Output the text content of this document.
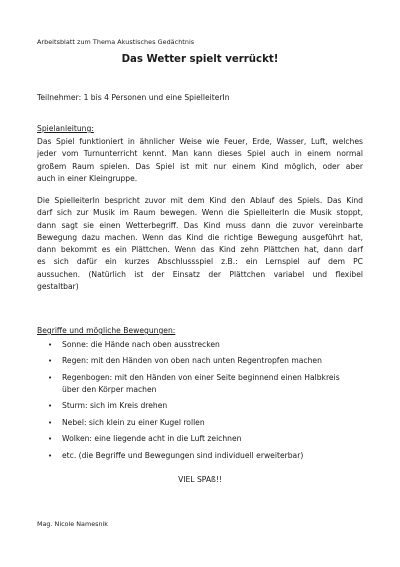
Arbeitsblatt zum Thema Akustisches Gedächtnis
Das Wetter spielt verrückt!
Teilnehmer: 1 bis 4 Personen und eine SpielleiterIn
Spielanleitung:
Das Spiel funktioniert in ähnlicher Weise wie Feuer, Erde, Wasser, Luft, welches
jeder vom Turnunterricht kennt. Man kann dieses Spiel auch in einem normal
großem Raum spielen. Das Spiel ist mit nur einem Kind möglich, oder aber
auch in einer Kleingruppe.
Die SpielleiterIn bespricht zuvor mit dem Kind den Ablauf des Spiels. Das Kind
darf sich zur Musik im Raum bewegen. Wenn die SpielleiterIn die Musik stoppt,
dann sagt sie einen Wetterbegriff. Das Kind muss dann die zuvor vereinbarte
Bewegung dazu machen. Wenn das Kind die richtige Bewegung ausgeführt hat,
dann bekommt es ein Plättchen. Wenn das Kind zehn Plättchen hat, dann darf
es sich dafür ein kurzes Abschlussspiel z.B.: ein Lernspiel auf dem PC
aussuchen. (Natürlich ist der Einsatz der Plättchen variabel und flexibel
gestaltbar)
Begriffe und mögliche Bewegungen:
• Sonne: die Hände nach oben ausstrecken
• Regen: mit den Händen von oben nach unten Regentropfen machen
• Regenbogen: mit den Händen von einer Seite beginnend einen Halbkreis
über den Körper machen
• Sturm: sich im Kreis drehen
• Nebel: sich klein zu einer Kugel rollen
• Wolken: eine liegende acht in die Luft zeichnen
• etc. (die Begriffe und Bewegungen sind individuell erweiterbar)
VIEL SPAß!!
Mag. Nicole Namesnik
